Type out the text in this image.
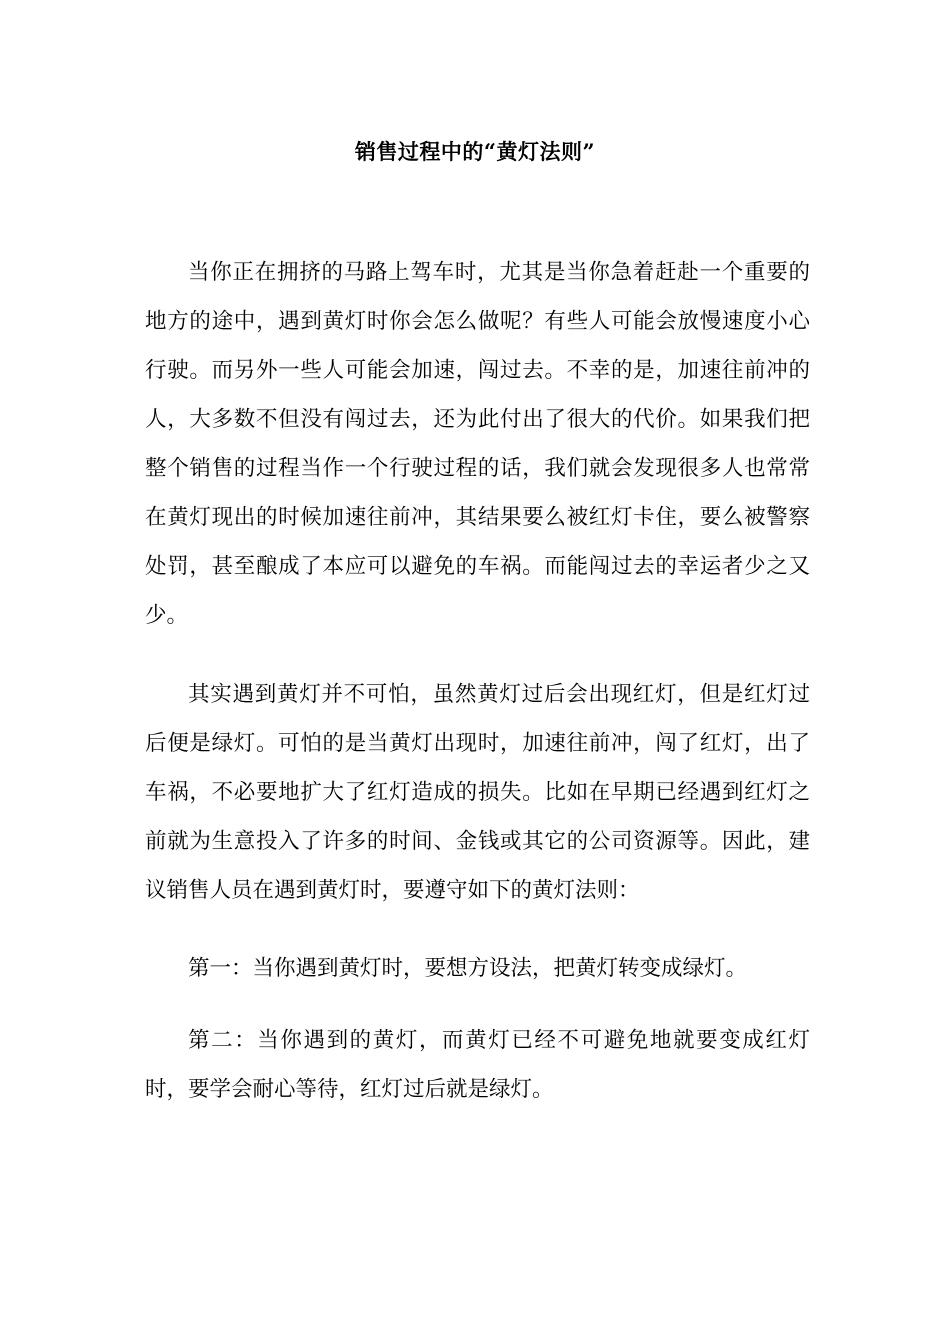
销售过程中的“黄灯法则”

当你正在拥挤的马路上驾车时，尤其是当你急着赶赴一个重要的地方的途中，遇到黄灯时你会怎么做呢？有些人可能会放慢速度小心行驶。而另外一些人可能会加速，闯过去。不幸的是，加速往前冲的人，大多数不但没有闯过去，还为此付出了很大的代价。如果我们把整个销售的过程当作一个行驶过程的话，我们就会发现很多人也常常在黄灯现出的时候加速往前冲，其结果要么被红灯卡住，要么被警察处罚，甚至酿成了本应可以避免的车祸。而能闯过去的幸运者少之又少。

其实遇到黄灯并不可怕，虽然黄灯过后会出现红灯，但是红灯过后便是绿灯。可怕的是当黄灯出现时，加速往前冲，闯了红灯，出了车祸，不必要地扩大了红灯造成的损失。比如在早期已经遇到红灯之前就为生意投入了许多的时间、金钱或其它的公司资源等。因此，建议销售人员在遇到黄灯时，要遵守如下的黄灯法则：

第一：当你遇到黄灯时，要想方设法，把黄灯转变成绿灯。

第二：当你遇到的黄灯，而黄灯已经不可避免地就要变成红灯时，要学会耐心等待，红灯过后就是绿灯。
